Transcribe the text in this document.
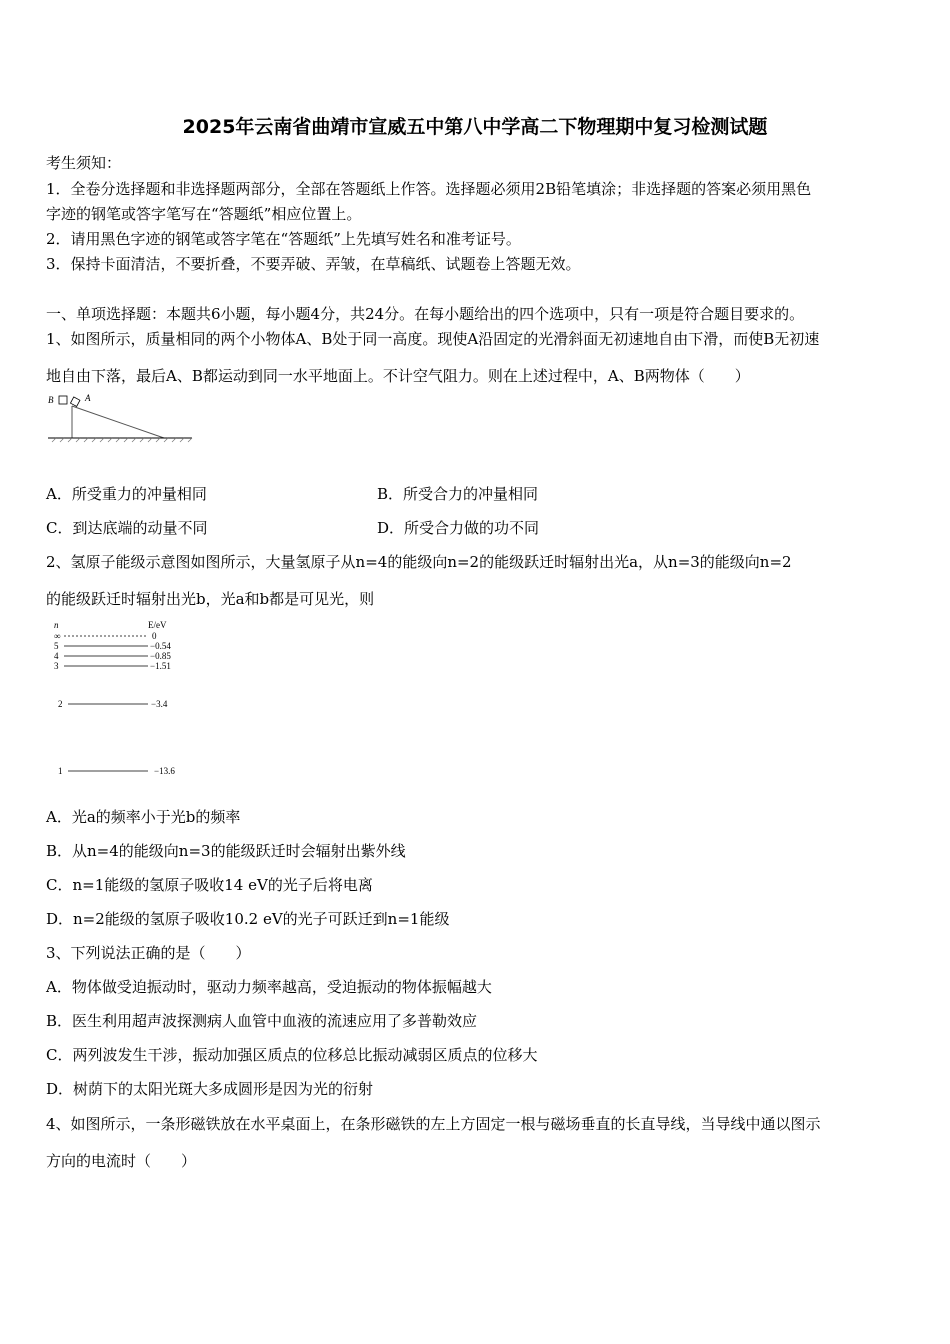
2025年云南省曲靖市宣威五中第八中学高二下物理期中复习检测试题
考生须知：
1．全卷分选择题和非选择题两部分，全部在答题纸上作答。选择题必须用2B铅笔填涂；非选择题的答案必须用黑色
字迹的钢笔或答字笔写在“答题纸”相应位置上。
2．请用黑色字迹的钢笔或答字笔在“答题纸”上先填写姓名和准考证号。
3．保持卡面清洁，不要折叠，不要弄破、弄皱，在草稿纸、试题卷上答题无效。
一、单项选择题：本题共6小题，每小题4分，共24分。在每小题给出的四个选项中，只有一项是符合题目要求的。
1、如图所示，质量相同的两个小物体A、B处于同一高度。现使A沿固定的光滑斜面无初速地自由下滑，而使B无初速
地自由下落，最后A、B都运动到同一水平地面上。不计空气阻力。则在上述过程中，A、B两物体（　　）
B	A
A．所受重力的冲量相同	B．所受合力的冲量相同
C．到达底端的动量不同	D．所受合力做的功不同
2、氢原子能级示意图如图所示，大量氢原子从n=4的能级向n=2的能级跃迁时辐射出光a，从n=3的能级向n=2
的能级跃迁时辐射出光b，光a和b都是可见光，则
n	E/eV
∞	0
5	−0.54
4	−0.85
3	−1.51
2	−3.4
1	−13.6
A．光a的频率小于光b的频率
B．从n=4的能级向n=3的能级跃迁时会辐射出紫外线
C．n=1能级的氢原子吸收14 eV的光子后将电离
D．n=2能级的氢原子吸收10.2 eV的光子可跃迁到n=1能级
3、下列说法正确的是（　　）
A．物体做受迫振动时，驱动力频率越高，受迫振动的物体振幅越大
B．医生利用超声波探测病人血管中血液的流速应用了多普勒效应
C．两列波发生干涉，振动加强区质点的位移总比振动减弱区质点的位移大
D．树荫下的太阳光斑大多成圆形是因为光的衍射
4、如图所示，一条形磁铁放在水平桌面上，在条形磁铁的左上方固定一根与磁场垂直的长直导线，当导线中通以图示
方向的电流时（　　）
